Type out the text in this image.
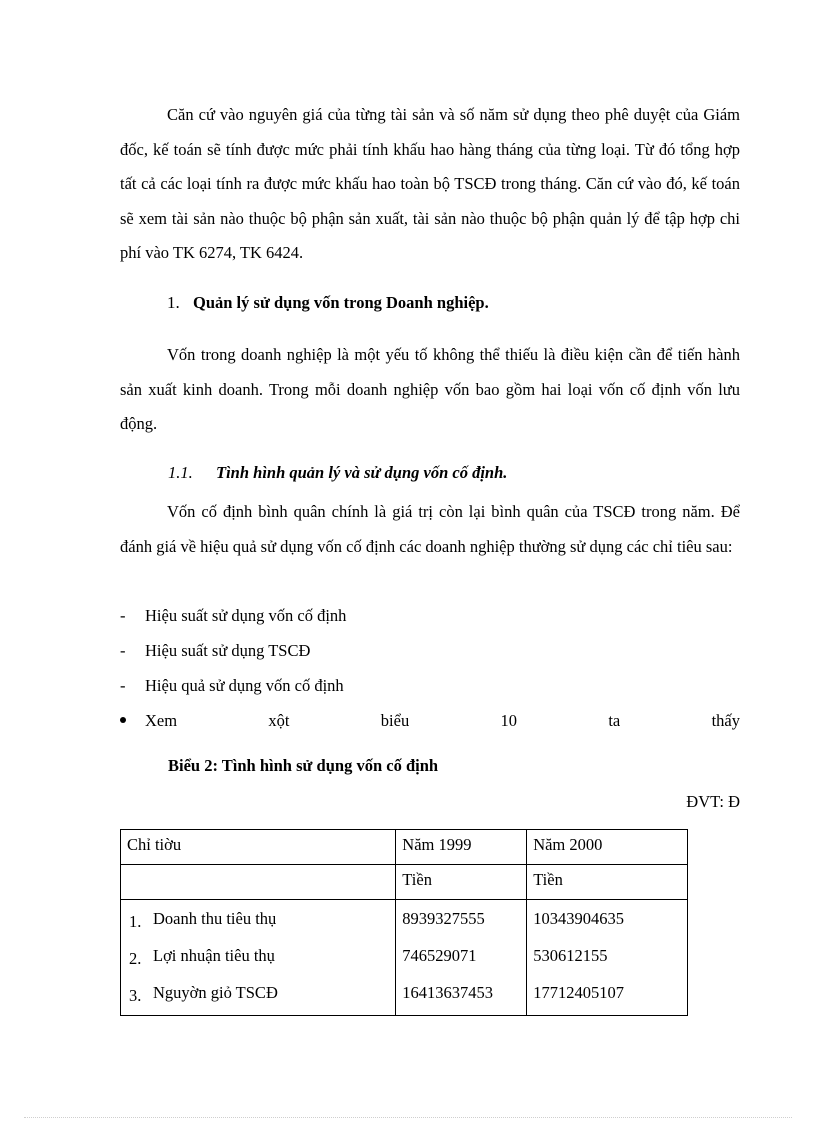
Căn cứ vào nguyên giá của từng tài sản và số năm sử dụng theo phê duyệt của Giám đốc, kế toán sẽ tính được mức phải tính khấu hao hàng tháng của từng loại. Từ đó tổng hợp tất cả các loại tính ra được mức khấu hao toàn bộ TSCĐ trong tháng. Căn cứ vào đó, kế toán sẽ xem tài sản nào thuộc bộ phận sản xuất, tài sản nào thuộc bộ phận quản lý để tập hợp chi phí vào TK 6274, TK 6424.

1. Quản lý sử dụng vốn trong Doanh nghiệp.

Vốn trong doanh nghiệp là một yếu tố không thể thiếu là điều kiện cần để tiến hành sản xuất kinh doanh. Trong mỗi doanh nghiệp vốn bao gồm hai loại vốn cố định vốn lưu động.

1.1. Tình hình quản lý và sử dụng vốn cố định.

Vốn cố định bình quân chính là giá trị còn lại bình quân của TSCĐ trong năm. Để đánh giá về hiệu quả sử dụng vốn cố định các doanh nghiệp thường sử dụng các chỉ tiêu sau:

-	Hiệu suất sử dụng vốn cố định
-	Hiệu suất sử dụng TSCĐ
-	Hiệu quả sử dụng vốn cố định
Xem	xột	biểu	10	ta	thấy
Biểu 2: Tình hình sử dụng vốn cố định
ĐVT: Đ
Chỉ tiờu	Năm 1999	Năm 2000
	Tiền	Tiền
1. Doanh thu tiêu thụ	8939327555	10343904635
2. Lợi nhuận tiêu thụ	746529071	530612155
3. Nguyờn giỏ TSCĐ	16413637453	17712405107
